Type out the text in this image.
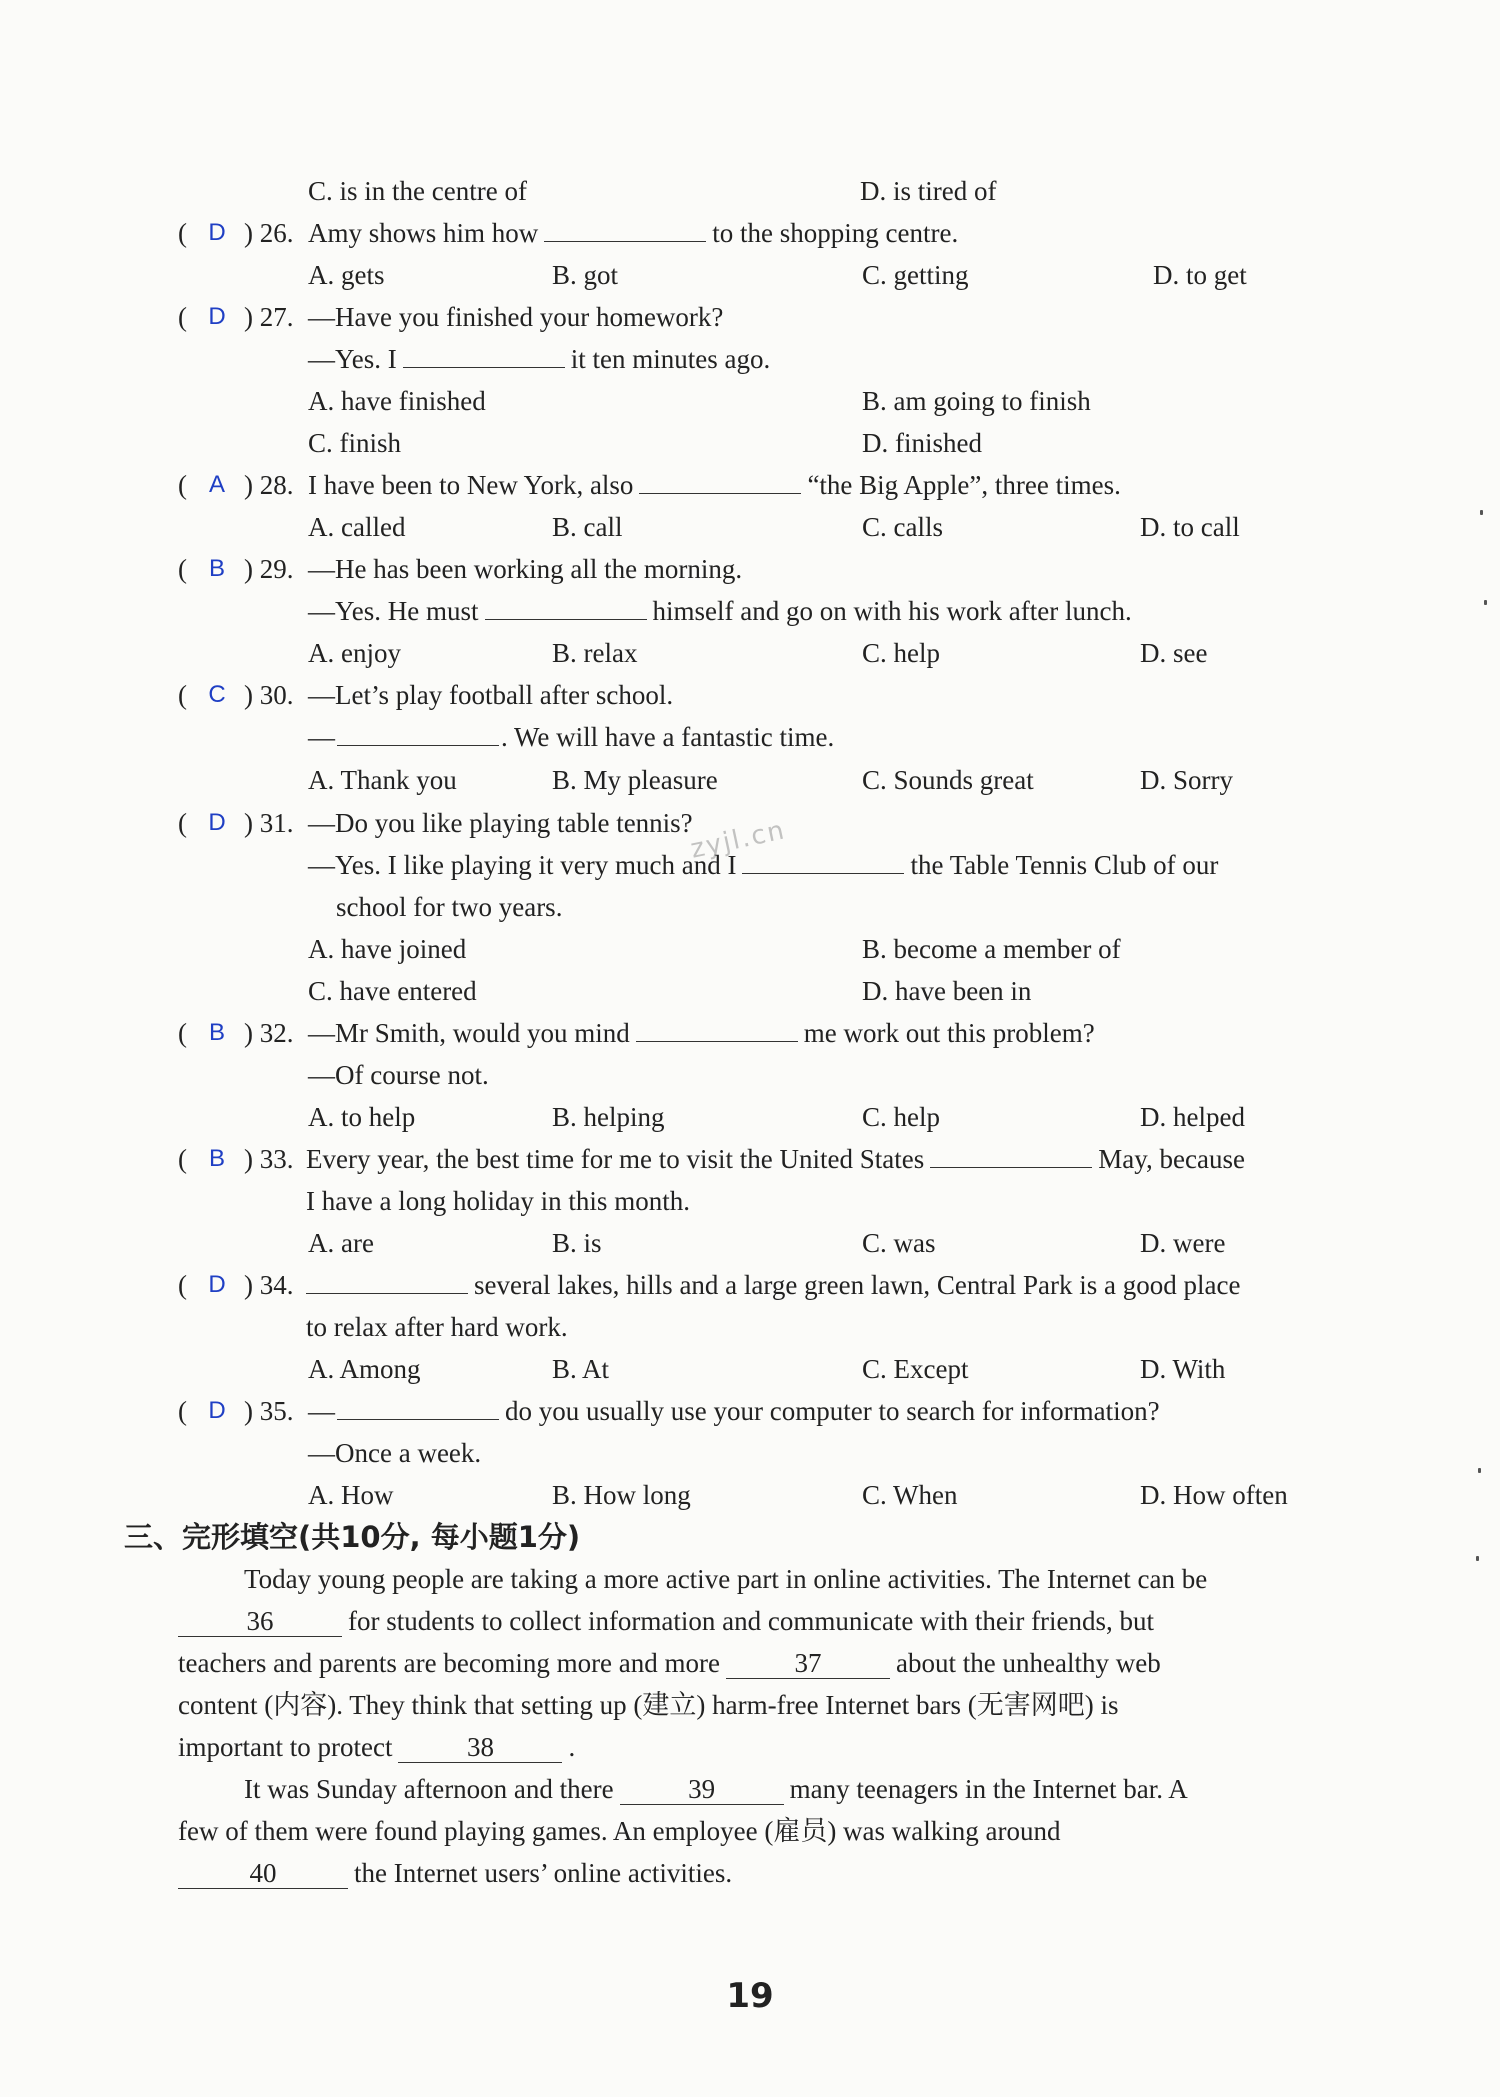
C. is in the centre of	D. is tired of
( D ) 26. Amy shows him how	to the shopping centre.
A. gets	B. got	C. getting	D. to get
( D ) 27. —Have you finished your homework?
—Yes. I	it ten minutes ago.
A. have finished	B. am going to finish
C. finish	D. finished
( A ) 28. I have been to New York, also	“the Big Apple”, three times.
A. called	B. call	C. calls	D. to call
( B ) 29. —He has been working all the morning.
—Yes. He must	himself and go on with his work after lunch.
A. enjoy	B. relax	C. help	D. see
( C ) 30. —Let’s play football after school.
—	. We will have a fantastic time.
A. Thank you	B. My pleasure	C. Sounds great	D. Sorry
( D ) 31. —Do you like playing table tennis?
—Yes. I like playing it very much and I	the Table Tennis Club of our
school for two years.
A. have joined	B. become a member of
C. have entered	D. have been in
zyjl.cn
( B ) 32. —Mr Smith, would you mind	me work out this problem?
—Of course not.
A. to help	B. helping	C. help	D. helped
( B ) 33. Every year, the best time for me to visit the United States	May, because
I have a long holiday in this month.
A. are	B. is	C. was	D. were
( D ) 34.	several lakes, hills and a large green lawn, Central Park is a good place
to relax after hard work.
A. Among	B. At	C. Except	D. With
( D ) 35. —	do you usually use your computer to search for information?
—Once a week.
A. How	B. How long	C. When	D. How often
三、完形填空(共10分, 每小题1分)
Today young people are taking a more active part in online activities. The Internet can be
36	for students to collect information and communicate with their friends, but
teachers and parents are becoming more and more	37	about the unhealthy web
content (内容). They think that setting up (建立) harm-free Internet bars (无害网吧) is
important to protect	38	.
It was Sunday afternoon and there	39	many teenagers in the Internet bar. A
few of them were found playing games. An employee (雇员) was walking around
40	the Internet users’ online activities.
19
